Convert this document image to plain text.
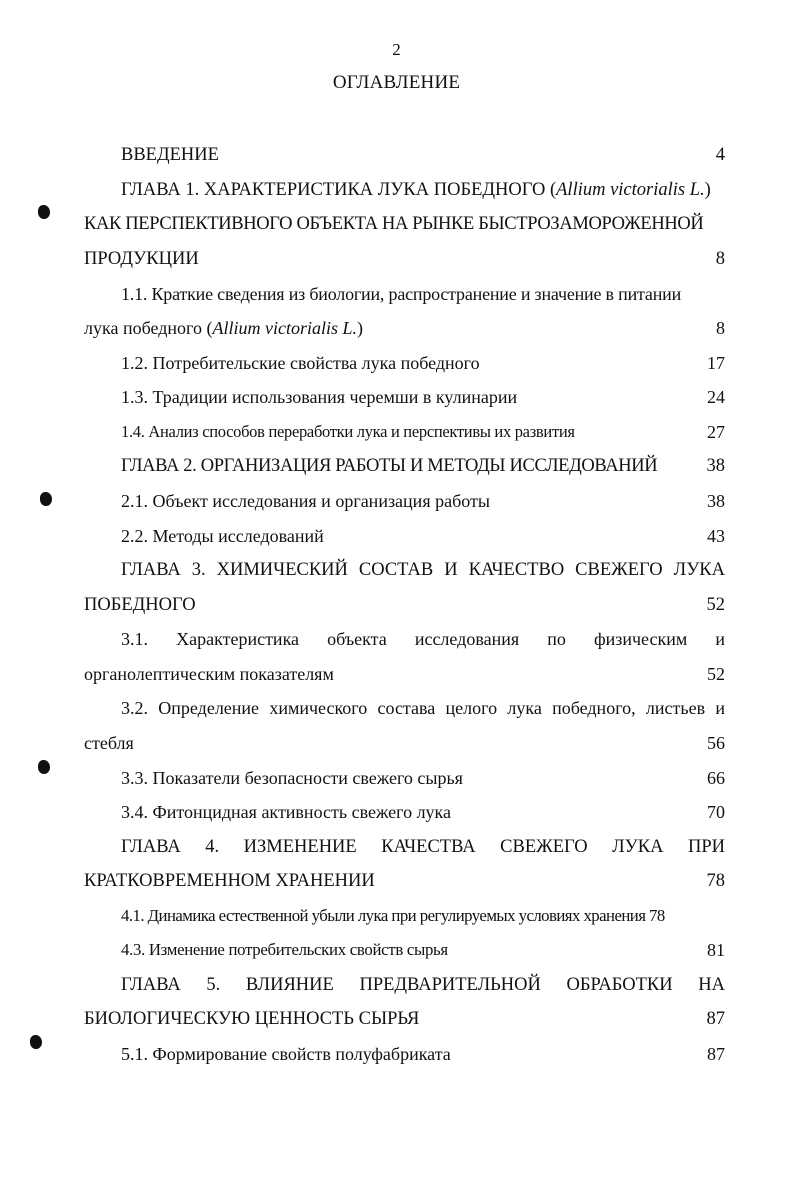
2
ОГЛАВЛЕНИЕ
ВВЕДЕНИЕ	4
ГЛАВА 1. ХАРАКТЕРИСТИКА ЛУКА ПОБЕДНОГО (Allium victorialis L.)
КАК ПЕРСПЕКТИВНОГО ОБЪЕКТА НА РЫНКЕ БЫСТРОЗАМОРОЖЕННОЙ
ПРОДУКЦИИ	8
1.1. Краткие сведения из биологии, распространение и значение в питании
лука победного (Allium victorialis L.)	8
1.2. Потребительские свойства лука победного	17
1.3. Традиции использования черемши в кулинарии	24
1.4. Анализ способов переработки лука и перспективы их развития	27
ГЛАВА 2. ОРГАНИЗАЦИЯ РАБОТЫ И МЕТОДЫ ИССЛЕДОВАНИЙ	38
2.1. Объект исследования и организация работы	38
2.2. Методы исследований	43
ГЛАВА 3. ХИМИЧЕСКИЙ СОСТАВ И КАЧЕСТВО СВЕЖЕГО ЛУКА
ПОБЕДНОГО	52
3.1. Характеристика объекта исследования по физическим и
органолептическим показателям	52
3.2. Определение химического состава целого лука победного, листьев и
стебля	56
3.3. Показатели безопасности свежего сырья	66
3.4. Фитонцидная активность свежего лука	70
ГЛАВА 4. ИЗМЕНЕНИЕ КАЧЕСТВА СВЕЖЕГО ЛУКА ПРИ
КРАТКОВРЕМЕННОМ ХРАНЕНИИ	78
4.1. Динамика естественной убыли лука при регулируемых условиях хранения 78
4.3. Изменение потребительских свойств сырья	81
ГЛАВА 5. ВЛИЯНИЕ ПРЕДВАРИТЕЛЬНОЙ ОБРАБОТКИ НА
БИОЛОГИЧЕСКУЮ ЦЕННОСТЬ СЫРЬЯ	87
5.1. Формирование свойств полуфабриката	87
